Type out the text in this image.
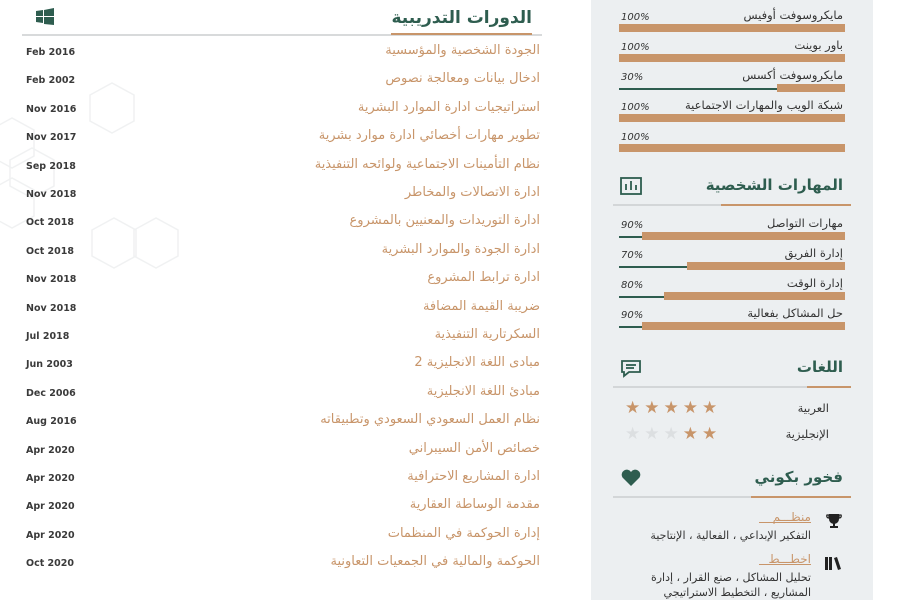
الدورات التدريبية
Feb 2016	الجودة الشخصية والمؤسسية
Feb 2002	ادخال بيانات ومعالجة نصوص
Nov 2016	استراتيجيات ادارة الموارد البشرية
Nov 2017	تطوير مهارات أخصائي ادارة موارد بشرية
Sep 2018	نظام التأمينات الاجتماعية ولوائحه التنفيذية
Nov 2018	ادارة الاتصالات والمخاطر
Oct 2018	ادارة التوريدات والمعنيين بالمشروع
Oct 2018	ادارة الجودة والموارد البشرية
Nov 2018	ادارة ترابط المشروع
Nov 2018	ضريبة القيمة المضافة
Jul 2018	السكرتارية التنفيذية
Jun 2003	مبادى اللغة الانجليزية 2
Dec 2006	مبادئ اللغة الانجليزية
Aug 2016	نظام العمل السعودي السعودي وتطبيقاته
Apr 2020	خصائص الأمن السيبراني
Apr 2020	ادارة المشاريع الاحترافية
Apr 2020	مقدمة الوساطة العقارية
Apr 2020	إدارة الحوكمة في المنظمات
Oct 2020	الحوكمة والمالية في الجمعيات التعاونية
مايكروسوفت أوفيس
100%
باور بوينت
100%
مايكروسوفت أكسس
30%
شبكة الويب والمهارات الاجتماعية
100%
100%
المهارات الشخصية
مهارات التواصل
90%
إدارة الفريق
70%
إدارة الوقت
80%
حل المشاكل بفعالية
90%
اللغات
العربية
★★★★★
الإنجليزية
★★★★★
فخور بكوني
منظـــم
التفكير الإبداعي ، الفعالية ، الإنتاجية
اخطـــط
تحليل المشاكل ، صنع القرار ، إدارة المشاريع ، التخطيط الاستراتيجي
